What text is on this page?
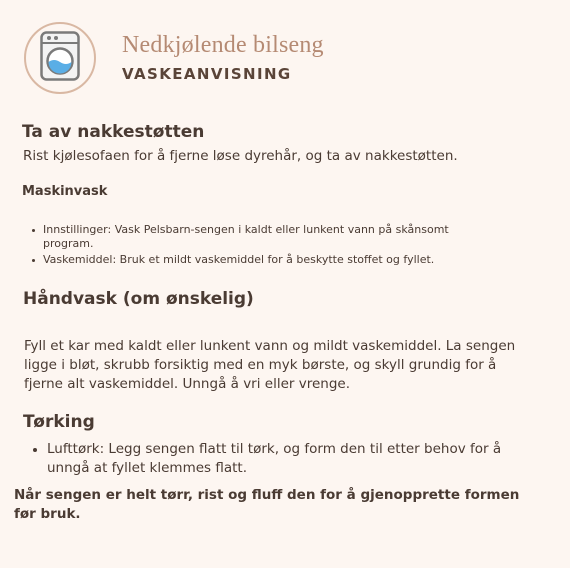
Nedkjølende bilseng
VASKEANVISNING
Ta av nakkestøtten

Rist kjølesofaen for å fjerne løse dyrehår, og ta av nakkestøtten.

Maskinvask
Innstillinger: Vask Pelsbarn-sengen i kaldt eller lunkent vann på skånsomt program.
Vaskemiddel: Bruk et mildt vaskemiddel for å beskytte stoffet og fyllet.
Håndvask (om ønskelig)

Fyll et kar med kaldt eller lunkent vann og mildt vaskemiddel. La sengen ligge i bløt, skrubb forsiktig med en myk børste, og skyll grundig for å fjerne alt vaskemiddel. Unngå å vri eller vrenge.

Tørking
Lufttørk: Legg sengen flatt til tørk, og form den til etter behov for å unngå at fyllet klemmes flatt.

Når sengen er helt tørr, rist og fluff den for å gjenopprette formen før bruk.
